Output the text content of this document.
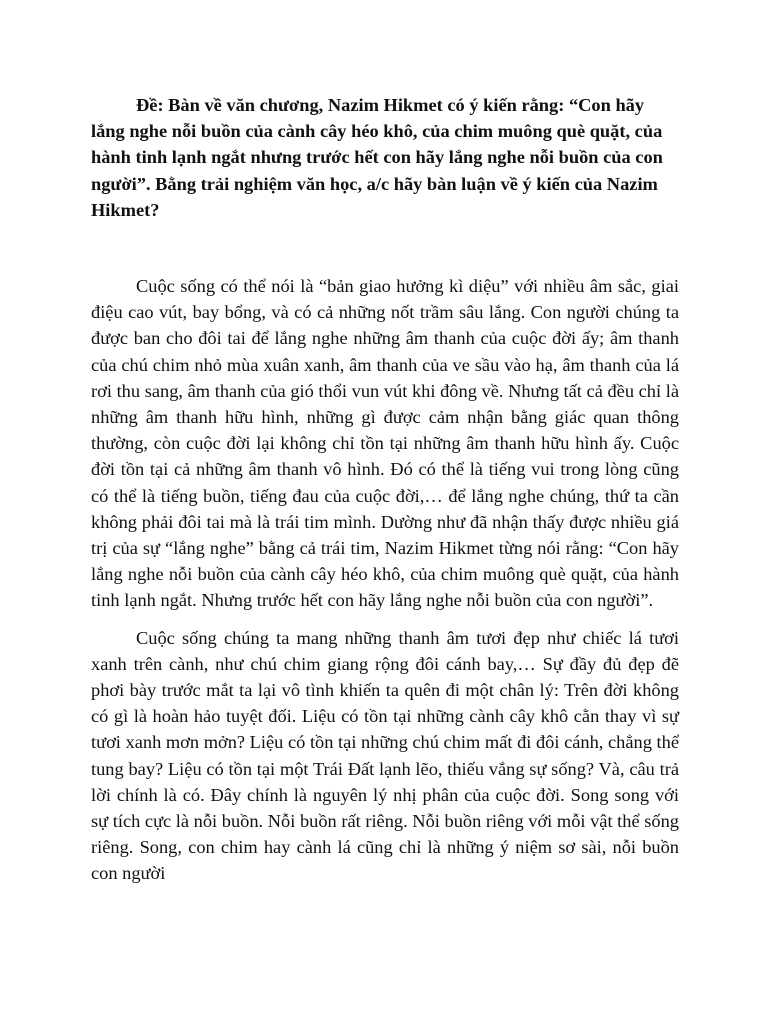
Đề: Bàn về văn chương, Nazim Hikmet có ý kiến rằng: “Con hãy lắng nghe nỗi buồn của cành cây héo khô, của chim muông què quặt, của hành tinh lạnh ngắt nhưng trước hết con hãy lắng nghe nỗi buồn của con người”. Bằng trải nghiệm văn học, a/c hãy bàn luận về ý kiến của Nazim Hikmet?

Cuộc sống có thể nói là “bản giao hưởng kì diệu” với nhiều âm sắc, giai điệu cao vút, bay bổng, và có cả những nốt trầm sâu lắng. Con người chúng ta được ban cho đôi tai để lắng nghe những âm thanh của cuộc đời ấy; âm thanh của chú chim nhỏ mùa xuân xanh, âm thanh của ve sầu vào hạ, âm thanh của lá rơi thu sang, âm thanh của gió thổi vun vút khi đông về. Nhưng tất cả đều chỉ là những âm thanh hữu hình, những gì được cảm nhận bằng giác quan thông thường, còn cuộc đời lại không chỉ tồn tại những âm thanh hữu hình ấy. Cuộc đời tồn tại cả những âm thanh vô hình. Đó có thể là tiếng vui trong lòng cũng có thể là tiếng buồn, tiếng đau của cuộc đời,… để lắng nghe chúng, thứ ta cần không phải đôi tai mà là trái tim mình. Dường như đã nhận thấy được nhiều giá trị của sự “lắng nghe” bằng cả trái tim, Nazim Hikmet từng nói rằng: “Con hãy lắng nghe nỗi buồn của cành cây héo khô, của chim muông què quặt, của hành tinh lạnh ngắt. Nhưng trước hết con hãy lắng nghe nỗi buồn của con người”.

Cuộc sống chúng ta mang những thanh âm tươi đẹp như chiếc lá tươi xanh trên cành, như chú chim giang rộng đôi cánh bay,… Sự đầy đủ đẹp đẽ phơi bày trước mắt ta lại vô tình khiến ta quên đi một chân lý: Trên đời không có gì là hoàn hảo tuyệt đối. Liệu có tồn tại những cành cây khô cằn thay vì sự tươi xanh mơn mởn? Liệu có tồn tại những chú chim mất đi đôi cánh, chẳng thể tung bay? Liệu có tồn tại một Trái Đất lạnh lẽo, thiếu vắng sự sống? Và, câu trả lời chính là có. Đây chính là nguyên lý nhị phân của cuộc đời. Song song với sự tích cực là nỗi buồn. Nỗi buồn rất riêng. Nỗi buồn riêng với mỗi vật thể sống riêng. Song, con chim hay cành lá cũng chỉ là những ý niệm sơ sài, nỗi buồn con người
